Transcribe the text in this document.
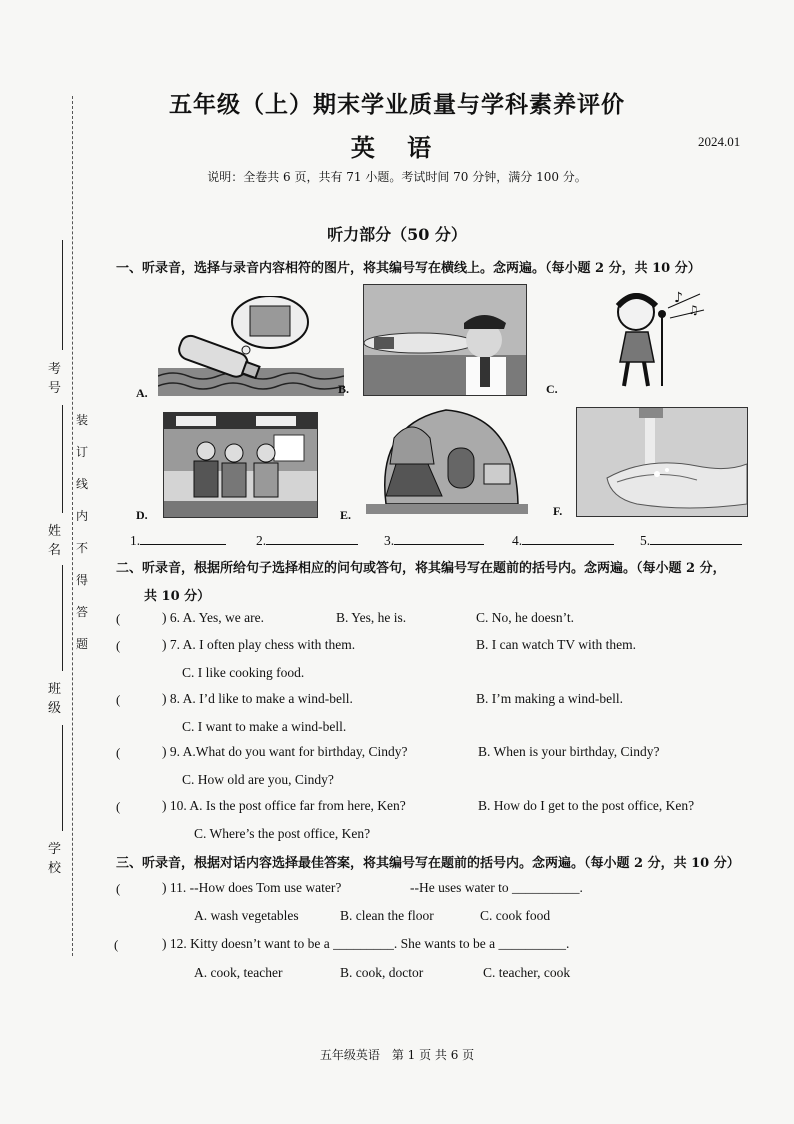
考号
姓名
班级
学校
装订线内不得答题
五年级（上）期末学业质量与学科素养评价
英 语	2024.01
说明：全卷共 6 页，共有 71 小题。考试时间 70 分钟，满分 100 分。
听力部分（50 分）
一、听录音，选择与录音内容相符的图片，将其编号写在横线上。念两遍。（每小题 2 分，共 10 分）
A.	B.
♪
♫
C.
D.	E.	F.
1.	2.	3.	4.	5.
二、听录音，根据所给句子选择相应的问句或答句，将其编号写在题前的括号内。念两遍。（每小题 2 分，
共 10 分）
(	) 6. A. Yes, we are.	B. Yes, he is.	C. No, he doesn’t.
(	) 7. A. I often play chess with them.	B. I can watch TV with them.
C. I like cooking food.
(	) 8. A. I’d like to make a wind-bell.	B. I’m making a wind-bell.
C. I want to make a wind-bell.
(	) 9. A.What do you want for birthday, Cindy?	B. When is your birthday, Cindy?
C. How old are you, Cindy?
(	) 10. A. Is the post office far from here, Ken?	B. How do I get to the post office, Ken?
C. Where’s the post office, Ken?
三、听录音，根据对话内容选择最佳答案，将其编号写在题前的括号内。念两遍。（每小题 2 分，共 10 分）
(	) 11. --How does Tom use water?	--He uses water to __________.
A. wash vegetables	B. clean the floor	C. cook food
(	) 12. Kitty doesn’t want to be a _________. She wants to be a __________.
A. cook, teacher	B. cook, doctor	C. teacher, cook
五年级英语　第 1 页 共 6 页
